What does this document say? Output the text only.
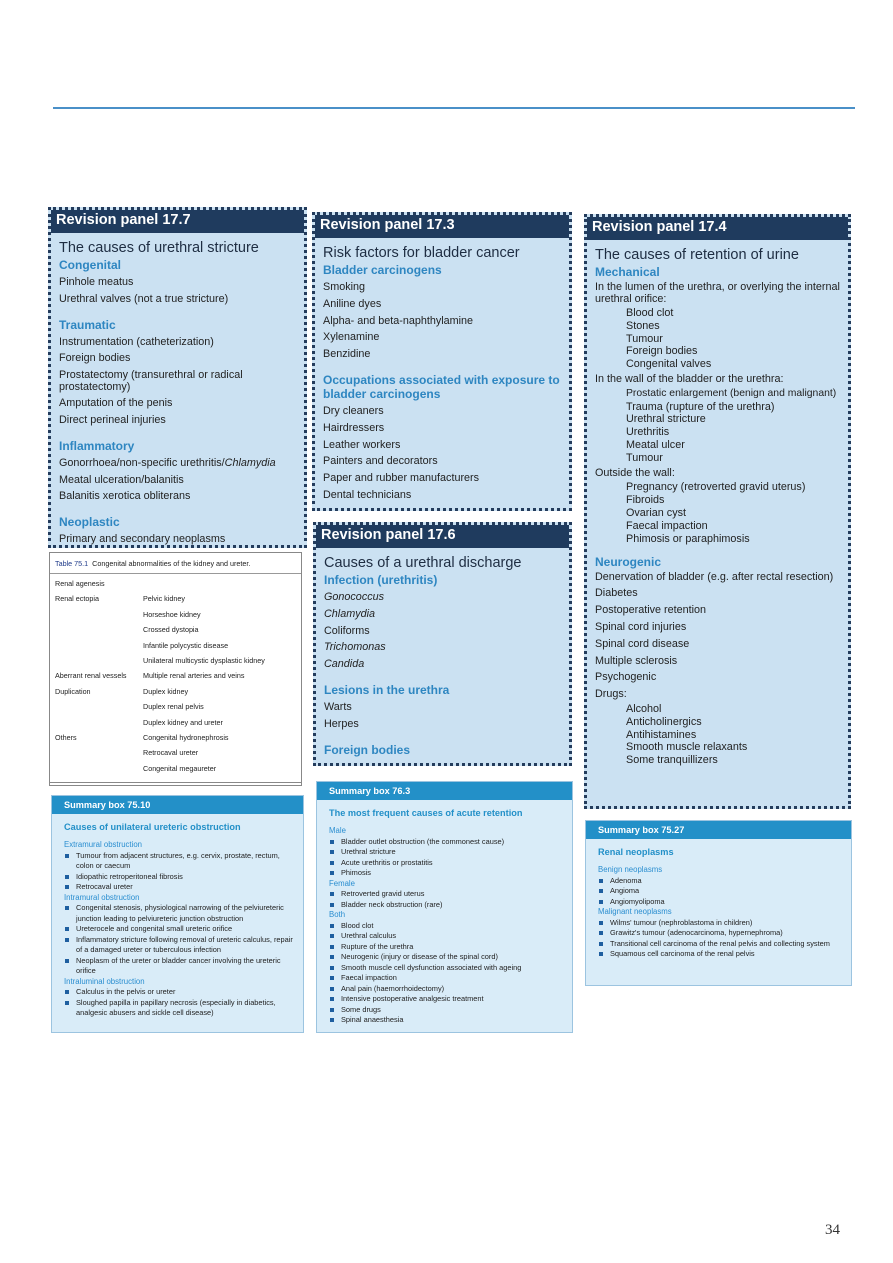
Revision panel 17.7
The causes of urethral stricture
Congenital
Pinhole meatus
Urethral valves (not a true stricture)
Traumatic
Instrumentation (catheterization)
Foreign bodies
Prostatectomy (transurethral or radical prostatectomy)
Amputation of the penis
Direct perineal injuries
Inflammatory
Gonorrhoea/non-specific urethritis/Chlamydia
Meatal ulceration/balanitis
Balanitis xerotica obliterans
Neoplastic
Primary and secondary neoplasms
Revision panel 17.3
Risk factors for bladder cancer
Bladder carcinogens
Smoking
Aniline dyes
Alpha- and beta-naphthylamine
Xylenamine
Benzidine
Occupations associated with exposure to bladder carcinogens
Dry cleaners
Hairdressers
Leather workers
Painters and decorators
Paper and rubber manufacturers
Dental technicians
Revision panel 17.6
Causes of a urethral discharge
Infection (urethritis)
Gonococcus
Chlamydia
Coliforms
Trichomonas
Candida
Lesions in the urethra
Warts
Herpes
Foreign bodies
Revision panel 17.4
The causes of retention of urine
Mechanical
In the lumen of the urethra, or overlying the internal urethral orifice:
Blood clot
Stones
Tumour
Foreign bodies
Congenital valves
In the wall of the bladder or the urethra:
Prostatic enlargement (benign and malignant)
Trauma (rupture of the urethra)
Urethral stricture
Urethritis
Meatal ulcer
Tumour
Outside the wall:
Pregnancy (retroverted gravid uterus)
Fibroids
Ovarian cyst
Faecal impaction
Phimosis or paraphimosis
Neurogenic
Denervation of bladder (e.g. after rectal resection)
Diabetes
Postoperative retention
Spinal cord injuries
Spinal cord disease
Multiple sclerosis
Psychogenic
Drugs:
Alcohol
Anticholinergics
Antihistamines
Smooth muscle relaxants
Some tranquillizers
Table 75.1 Congenital abnormalities of the kidney and ureter.
Renal agenesis
Renal ectopia	Pelvic kidney
Horseshoe kidney
Crossed dystopia
Infantile polycystic disease
Unilateral multicystic dysplastic kidney
Aberrant renal vessels	Multiple renal arteries and veins
Duplication	Duplex kidney
Duplex renal pelvis
Duplex kidney and ureter
Others	Congenital hydronephrosis
Retrocaval ureter
Congenital megaureter
Summary box 75.10
Causes of unilateral ureteric obstruction
Extramural obstruction
Tumour from adjacent structures, e.g. cervix, prostate, rectum, colon or caecum
Idiopathic retroperitoneal fibrosis
Retrocaval ureter
Intramural obstruction
Congenital stenosis, physiological narrowing of the pelviureteric junction leading to pelviureteric junction obstruction
Ureterocele and congenital small ureteric orifice
Inflammatory stricture following removal of ureteric calculus, repair of a damaged ureter or tuberculous infection
Neoplasm of the ureter or bladder cancer involving the ureteric orifice
Intraluminal obstruction
Calculus in the pelvis or ureter
Sloughed papilla in papillary necrosis (especially in diabetics, analgesic abusers and sickle cell disease)
Summary box 76.3
The most frequent causes of acute retention
Male
Bladder outlet obstruction (the commonest cause)
Urethral stricture
Acute urethritis or prostatitis
Phimosis
Female
Retroverted gravid uterus
Bladder neck obstruction (rare)
Both
Blood clot
Urethral calculus
Rupture of the urethra
Neurogenic (injury or disease of the spinal cord)
Smooth muscle cell dysfunction associated with ageing
Faecal impaction
Anal pain (haemorrhoidectomy)
Intensive postoperative analgesic treatment
Some drugs
Spinal anaesthesia
Summary box 75.27
Renal neoplasms
Benign neoplasms
Adenoma
Angioma
Angiomyolipoma
Malignant neoplasms
Wilms' tumour (nephroblastoma in children)
Grawitz's tumour (adenocarcinoma, hypernephroma)
Transitional cell carcinoma of the renal pelvis and collecting system
Squamous cell carcinoma of the renal pelvis
34
